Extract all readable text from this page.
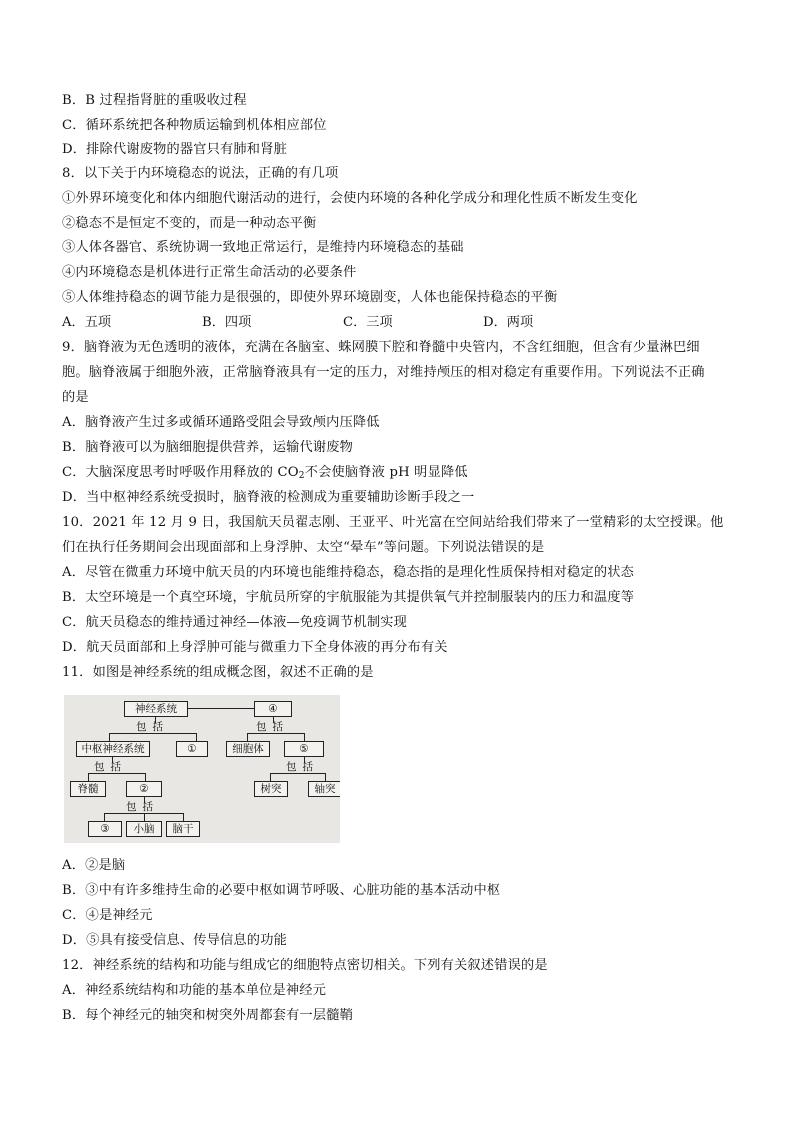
B．B 过程指肾脏的重吸收过程
C．循环系统把各种物质运输到机体相应部位
D．排除代谢废物的器官只有肺和肾脏
8．以下关于内环境稳态的说法，正确的有几项
①外界环境变化和体内细胞代谢活动的进行，会使内环境的各种化学成分和理化性质不断发生变化
②稳态不是恒定不变的，而是一种动态平衡
③人体各器官、系统协调一致地正常运行，是维持内环境稳态的基础
④内环境稳态是机体进行正常生命活动的必要条件
⑤人体维持稳态的调节能力是很强的，即使外界环境剧变，人体也能保持稳态的平衡
A．五项	B．四项	C．三项	D．两项
9．脑脊液为无色透明的液体，充满在各脑室、蛛网膜下腔和脊髓中央管内，不含红细胞，但含有少量淋巴细
胞。脑脊液属于细胞外液，正常脑脊液具有一定的压力，对维持颅压的相对稳定有重要作用。下列说法不正确
的是
A．脑脊液产生过多或循环通路受阻会导致颅内压降低
B．脑脊液可以为脑细胞提供营养，运输代谢废物
C．大脑深度思考时呼吸作用释放的 $CO_2$不会使脑脊液 pH 明显降低
D．当中枢神经系统受损时，脑脊液的检测成为重要辅助诊断手段之一
10．2021 年 12 月 9 日，我国航天员翟志刚、王亚平、叶光富在空间站给我们带来了一堂精彩的太空授课。他
们在执行任务期间会出现面部和上身浮肿、太空“晕车”等问题。下列说法错误的是
A．尽管在微重力环境中航天员的内环境也能维持稳态，稳态指的是理化性质保持相对稳定的状态
B．太空环境是一个真空环境，宇航员所穿的宇航服能为其提供氧气并控制服装内的压力和温度等
C．航天员稳态的维持通过神经—体液—免疫调节机制实现
D．航天员面部和上身浮肿可能与微重力下全身体液的再分布有关
11．如图是神经系统的组成概念图，叙述不正确的是
神经系统	④
包括	包括
中枢神经系统	①	细胞体	⑤
包括	包括
脊髓	②	树突	轴突
包括
③	小脑	脑干
A．②是脑
B．③中有许多维持生命的必要中枢如调节呼吸、心脏功能的基本活动中枢
C．④是神经元
D．⑤具有接受信息、传导信息的功能
12．神经系统的结构和功能与组成它的细胞特点密切相关。下列有关叙述错误的是
A．神经系统结构和功能的基本单位是神经元
B．每个神经元的轴突和树突外周都套有一层髓鞘
